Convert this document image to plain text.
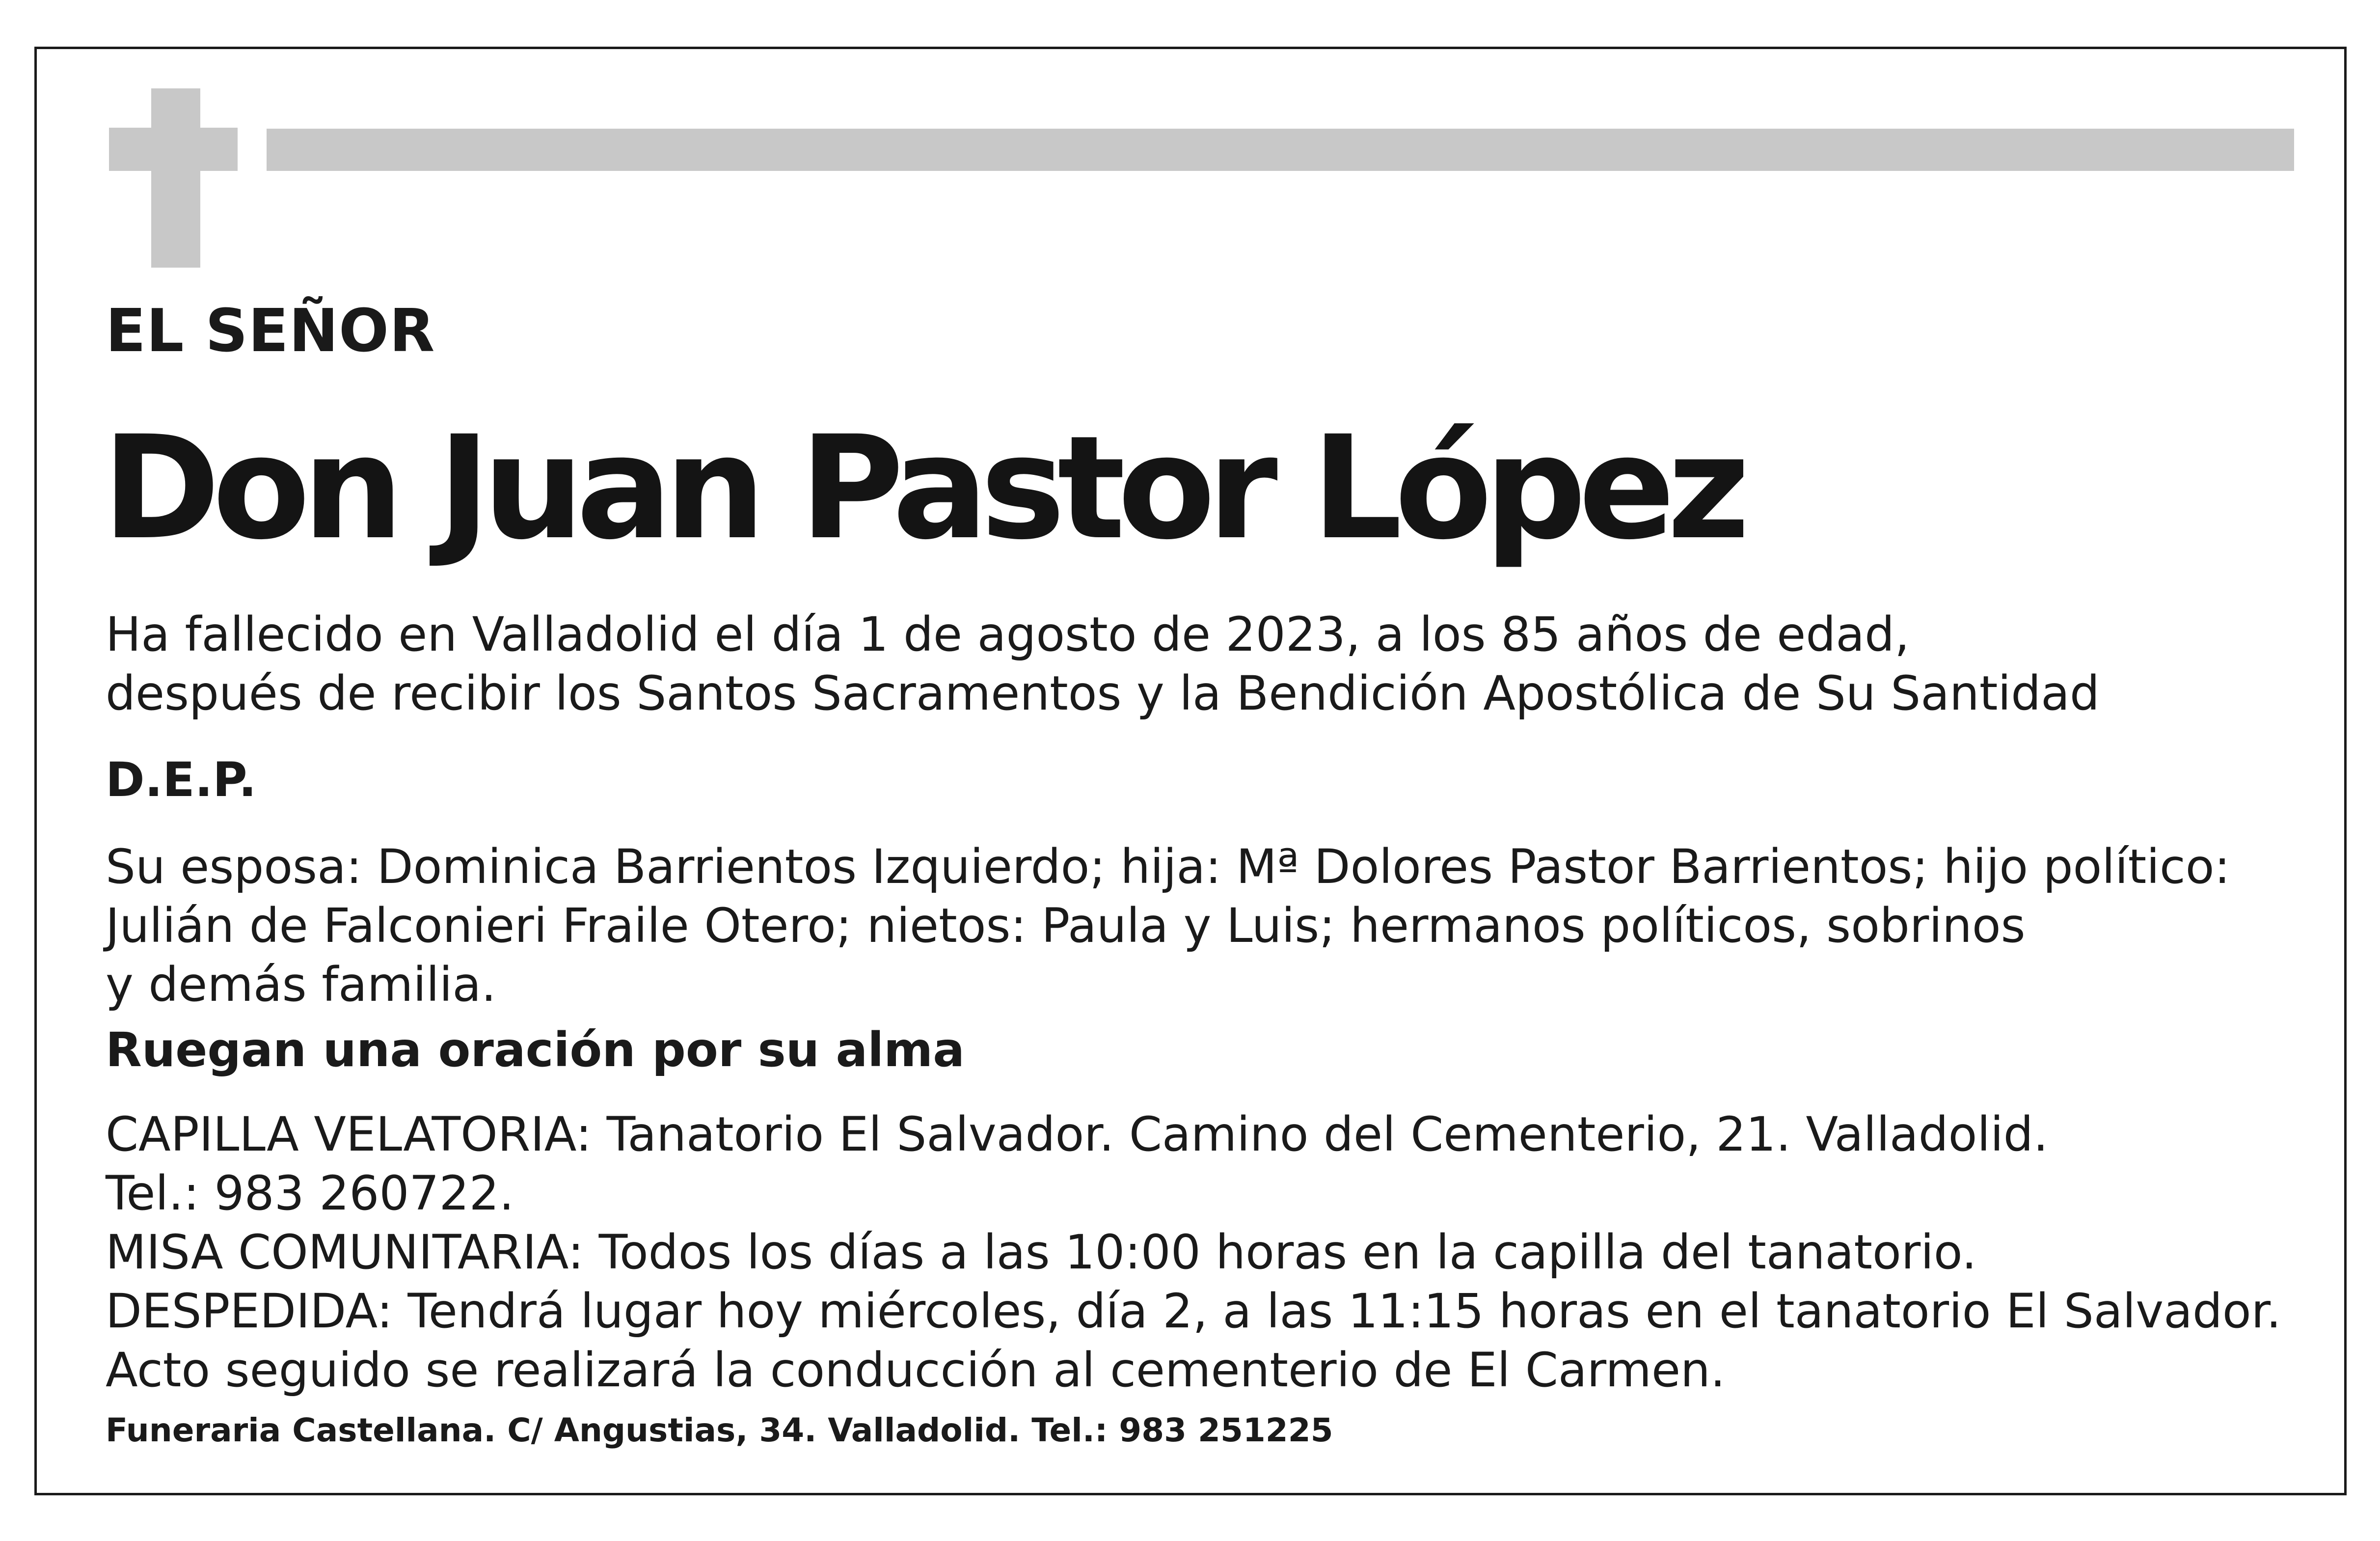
EL SEÑOR
Don Juan Pastor López

Ha fallecido en Valladolid el día 1 de agosto de 2023, a los 85 años de edad,
después de recibir los Santos Sacramentos y la Bendición Apostólica de Su Santidad

D.E.P.

Su esposa: Dominica Barrientos Izquierdo; hija: Mª Dolores Pastor Barrientos; hijo político:
Julián de Falconieri Fraile Otero; nietos: Paula y Luis; hermanos políticos, sobrinos
y demás familia.

Ruegan una oración por su alma

CAPILLA VELATORIA: Tanatorio El Salvador. Camino del Cementerio, 21. Valladolid.
Tel.: 983 260722.
MISA COMUNITARIA: Todos los días a las 10:00 horas en la capilla del tanatorio.
DESPEDIDA: Tendrá lugar hoy miércoles, día 2, a las 11:15 horas en el tanatorio El Salvador.
Acto seguido se realizará la conducción al cementerio de El Carmen.

Funeraria Castellana. C/ Angustias, 34. Valladolid. Tel.: 983 251225
